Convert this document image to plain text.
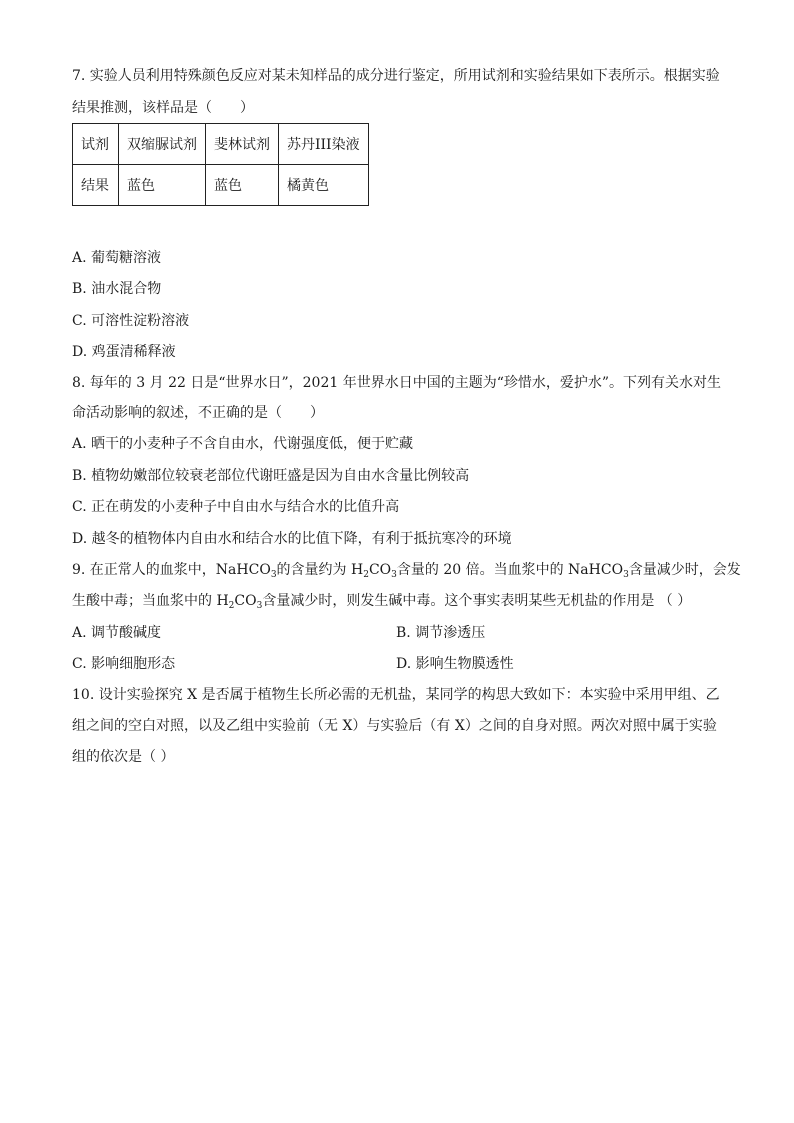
7. 实验人员利用特殊颜色反应对某未知样品的成分进行鉴定，所用试剂和实验结果如下表所示。根据实验
结果推测，该样品是（　　）
试剂	双缩脲试剂	斐林试剂	苏丹III染液
结果	蓝色	蓝色	橘黄色
A. 葡萄糖溶液
B. 油水混合物
C. 可溶性淀粉溶液
D. 鸡蛋清稀释液
8. 每年的 3 月 22 日是“世界水日”，2021 年世界水日中国的主题为“珍惜水，爱护水”。下列有关水对生
命活动影响的叙述，不正确的是（　　）
A. 晒干的小麦种子不含自由水，代谢强度低，便于贮藏
B. 植物幼嫩部位较衰老部位代谢旺盛是因为自由水含量比例较高
C. 正在萌发的小麦种子中自由水与结合水的比值升高
D. 越冬的植物体内自由水和结合水的比值下降，有利于抵抗寒冷的环境
9. 在正常人的血浆中，NaHCO$_3$的含量约为 $H_2CO_3$含量的 20 倍。当血浆中的 NaHCO$_3$含量减少时，会发
生酸中毒；当血浆中的 $H_2CO_3$含量减少时，则发生碱中毒。这个事实表明某些无机盐的作用是 （ ）
A. 调节酸碱度	B. 调节渗透压
C. 影响细胞形态	D. 影响生物膜透性
10. 设计实验探究 X 是否属于植物生长所必需的无机盐，某同学的构思大致如下：本实验中采用甲组、乙
组之间的空白对照，以及乙组中实验前（无 X）与实验后（有 X）之间的自身对照。两次对照中属于实验
组的依次是（ ）
